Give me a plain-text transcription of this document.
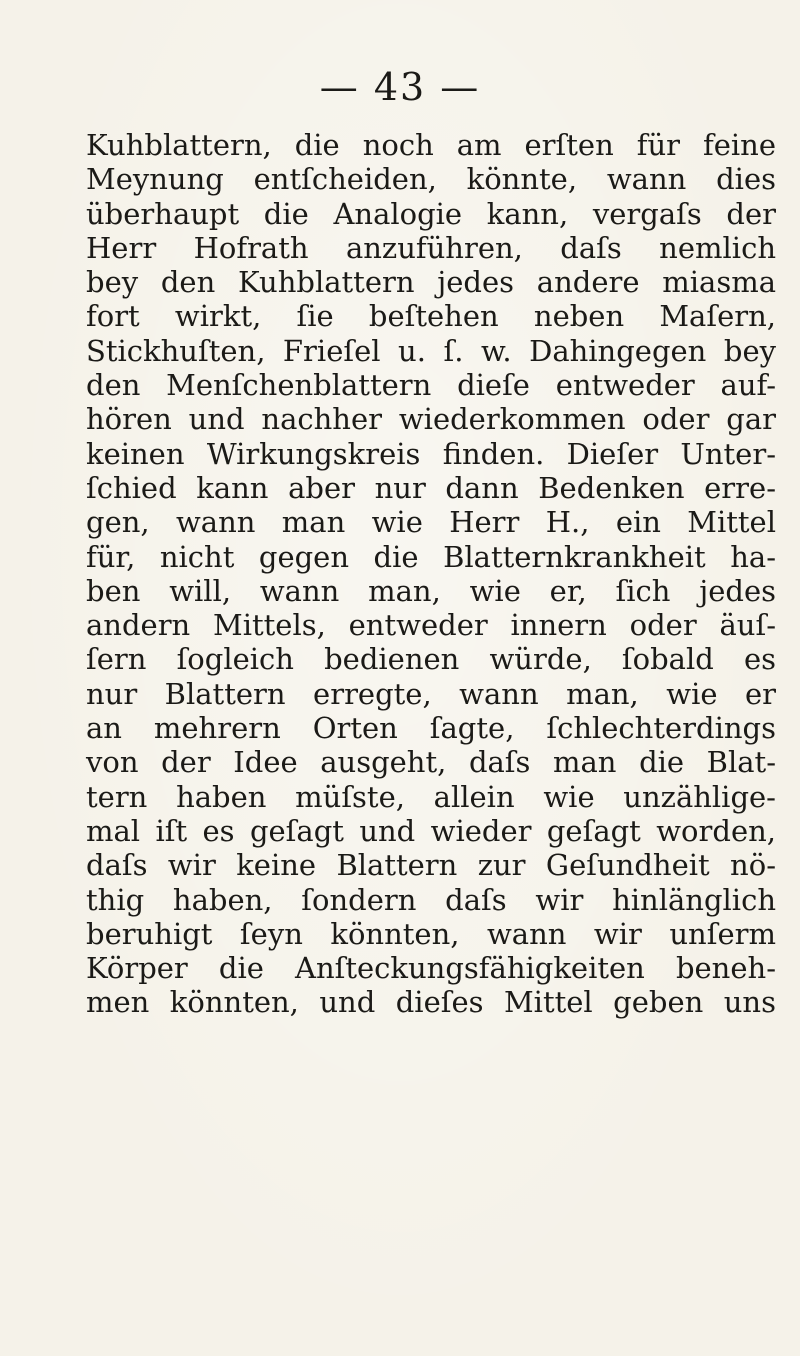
— 43 —
Kuhblattern, die noch am erſten für feine
Meynung entſcheiden, könnte, wann dies
überhaupt die Analogie kann, vergaſs der
Herr Hofrath anzuführen, daſs nemlich
bey den Kuhblattern jedes andere miasma
fort wirkt, ſie beſtehen neben Maſern,
Stickhuſten, Frieſel u. ſ. w. Dahingegen bey
den Menſchenblattern dieſe entweder auf-
hören und nachher wiederkommen oder gar
keinen Wirkungskreis finden. Dieſer Unter-
ſchied kann aber nur dann Bedenken erre-
gen, wann man wie Herr H., ein Mittel
für, nicht gegen die Blatternkrankheit ha-
ben will, wann man, wie er, ſich jedes
andern Mittels, entweder innern oder äuſ-
ſern ſogleich bedienen würde, ſobald es
nur Blattern erregte, wann man, wie er
an mehrern Orten ſagte, ſchlechterdings
von der Idee ausgeht, daſs man die Blat-
tern haben müſste, allein wie unzählige-
mal iſt es geſagt und wieder geſagt worden,
daſs wir keine Blattern zur Geſundheit nö-
thig haben, ſondern daſs wir hinlänglich
beruhigt ſeyn könnten, wann wir unſerm
Körper die Anſteckungsfähigkeiten beneh-
men könnten, und dieſes Mittel geben uns
